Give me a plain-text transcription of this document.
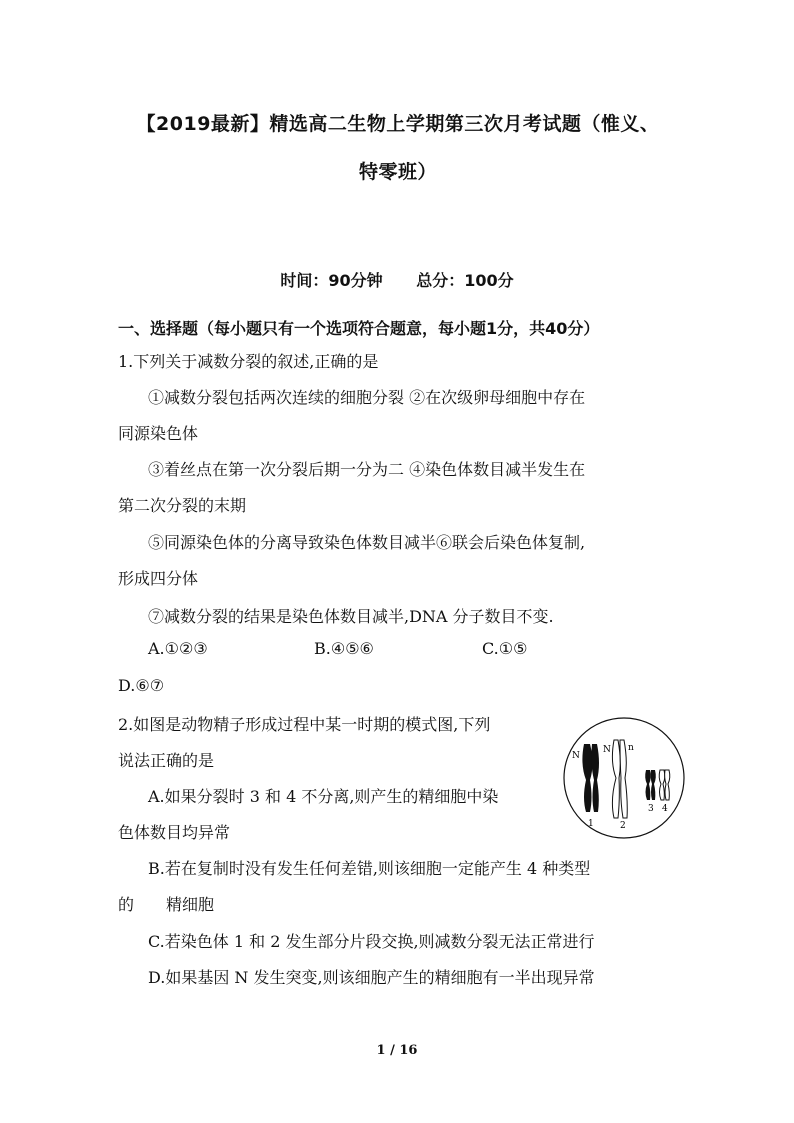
【2019最新】精选高二生物上学期第三次月考试题（惟义、
特零班）
时间：90分钟 总分：100分
一、选择题（每小题只有一个选项符合题意，每小题1分，共40分）
1.下列关于减数分裂的叙述,正确的是
①减数分裂包括两次连续的细胞分裂 ②在次级卵母细胞中存在
同源染色体
③着丝点在第一次分裂后期一分为二 ④染色体数目减半发生在
第二次分裂的末期
⑤同源染色体的分离导致染色体数目减半⑥联会后染色体复制,
形成四分体
⑦减数分裂的结果是染色体数目减半,DNA 分子数目不变.
A.①②③	B.④⑤⑥	C.①⑤
D.⑥⑦
2.如图是动物精子形成过程中某一时期的模式图,下列
说法正确的是
A.如果分裂时 3 和 4 不分离,则产生的精细胞中染
色体数目均异常
B.若在复制时没有发生任何差错,则该细胞一定能产生 4 种类型
的　　精细胞
C.若染色体 1 和 2 发生部分片段交换,则减数分裂无法正常进行
D.如果基因 N 发生突变,则该细胞产生的精细胞有一半出现异常
N
N n
1	2
3 4
1 / 16
